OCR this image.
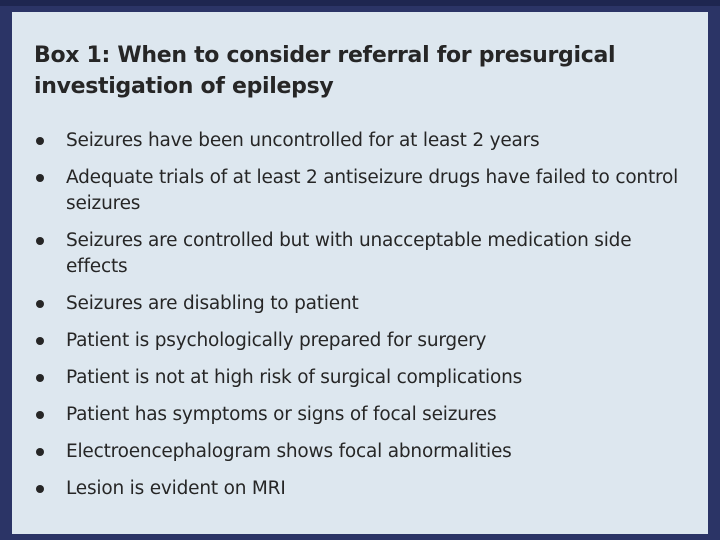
Box 1: When to consider referral for presurgical investigation of epilepsy
Seizures have been uncontrolled for at least 2 years
Adequate trials of at least 2 antiseizure drugs have failed to control seizures
Seizures are controlled but with unacceptable medication side effects
Seizures are disabling to patient
Patient is psychologically prepared for surgery
Patient is not at high risk of surgical complications
Patient has symptoms or signs of focal seizures
Electroencephalogram shows focal abnormalities
Lesion is evident on MRI
